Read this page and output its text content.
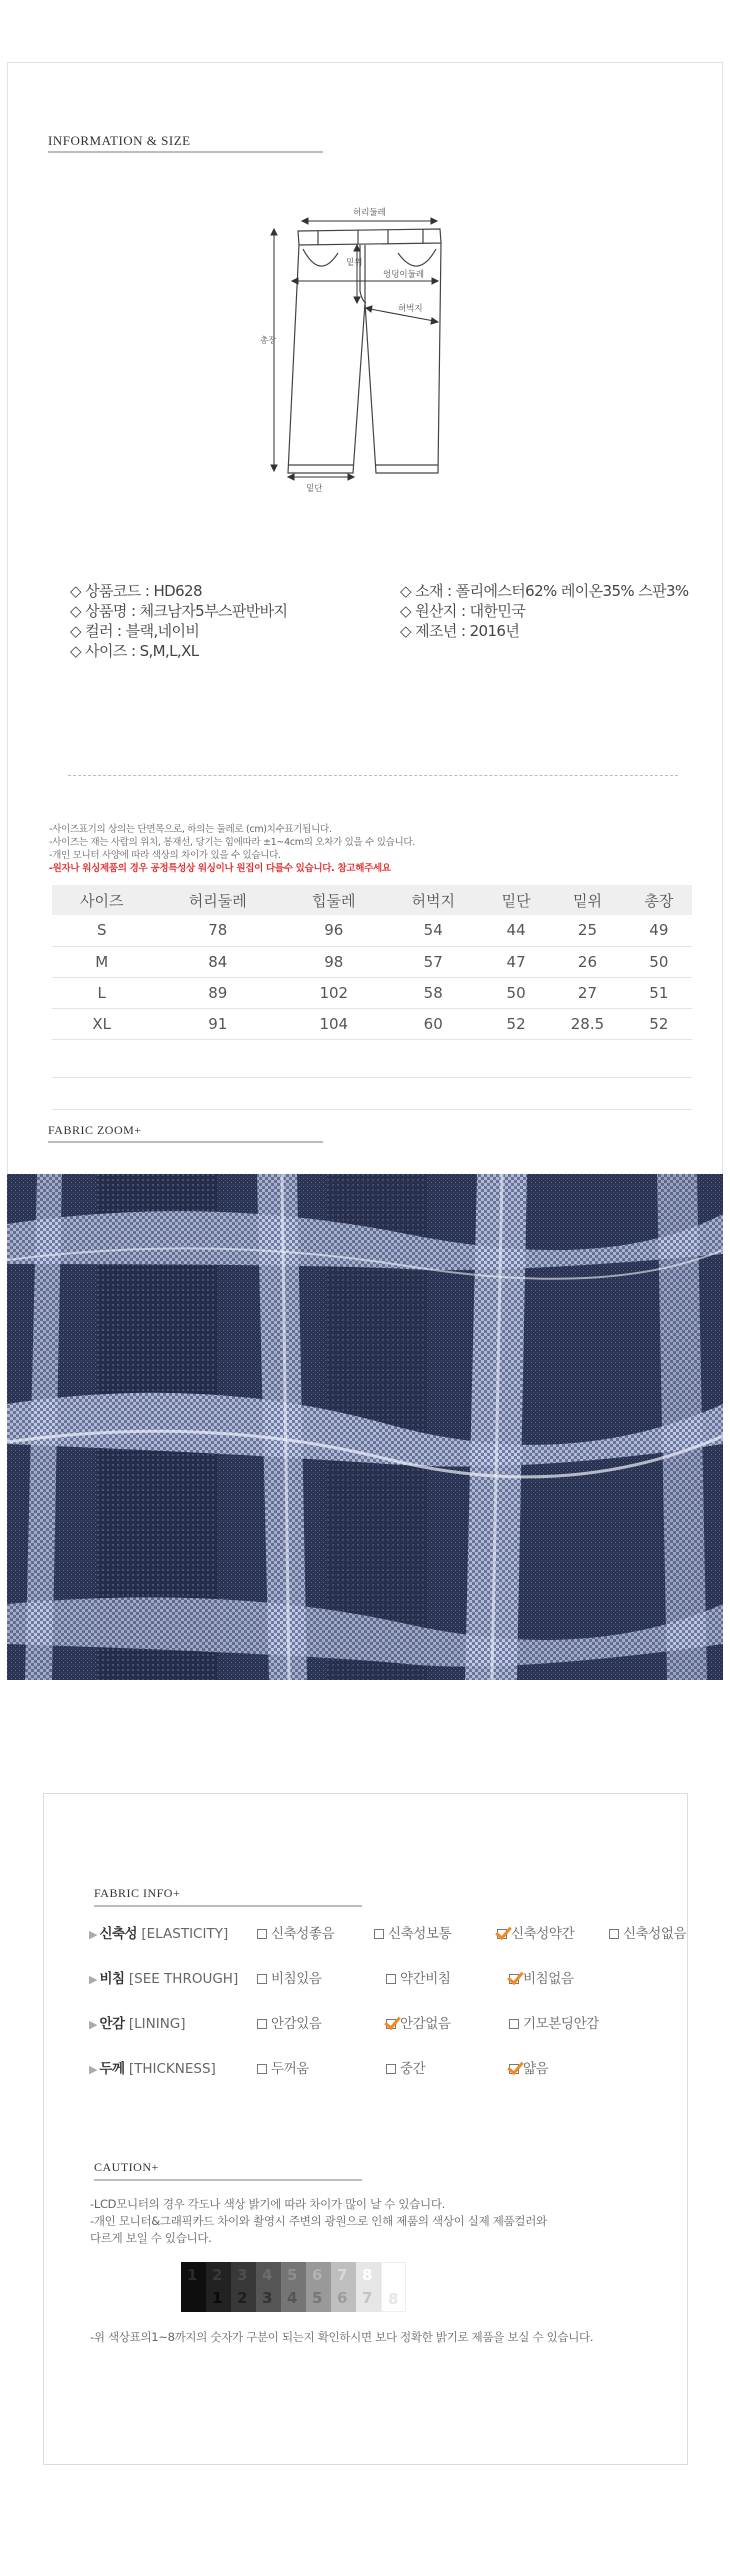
INFORMATION & SIZE
허리둘레
총장
밑위
엉덩이둘레
허벅지
밑단
◇ 상품코드 : HD628
◇ 상품명 : 체크남자5부스판반바지
◇ 컬러 : 블랙,네이비
◇ 사이즈 : S,M,L,XL
◇ 소재 : 폴리에스터62% 레이온35% 스판3%
◇ 원산지 : 대한민국
◇ 제조년 : 2016년
-사이즈표기의 상의는 단면목으로, 하의는 둘레로 (cm)치수표기됩니다.
-사이즈는 재는 사람의 위치, 봉재선, 당기는 힘에따라 ±1~4cm의 오차가 있을 수 있습니다.
-개인 모니터 사양에 따라 색상의 차이가 있을 수 있습니다.
-원자나 워싱제품의 경우 공정특성상 워싱이나 원집이 다를수 있습니다. 참고해주세요
사이즈	허리둘레	힙둘레	허벅지	밑단	밑위	총장
S	78	96	54	44	25	49
M	84	98	57	47	26	50
L	89	102	58	50	27	51
XL	91	104	60	52	28.5	52
FABRIC ZOOM+
FABRIC INFO+
▶ 신축성 [ELASTICITY]	신축성좋음	신축성보통	신축성약간	신축성없음
▶ 비침 [SEE THROUGH]	비침있음	약간비침	비침없음
▶ 안감 [LINING]	안감있음	안감없음	기모본딩안감
▶ 두께 [THICKNESS]	두꺼움	중간	얇음
CAUTION+
-LCD모니터의 경우 각도나 색상 밝기에 따라 차이가 많이 날 수 있습니다.
-개인 모니터&그래픽카드 차이와 촬영시 주변의 광원으로 인해 제품의 색상이 실제 제품컬러와
다르게 보일 수 있습니다.
1 2
1
3
2
4
3
5
4
6
5
7
6
8
7 8
-위 색상표의1~8까지의 숫자가 구분이 되는지 확인하시면 보다 정확한 밝기로 제품을 보실 수 있습니다.
